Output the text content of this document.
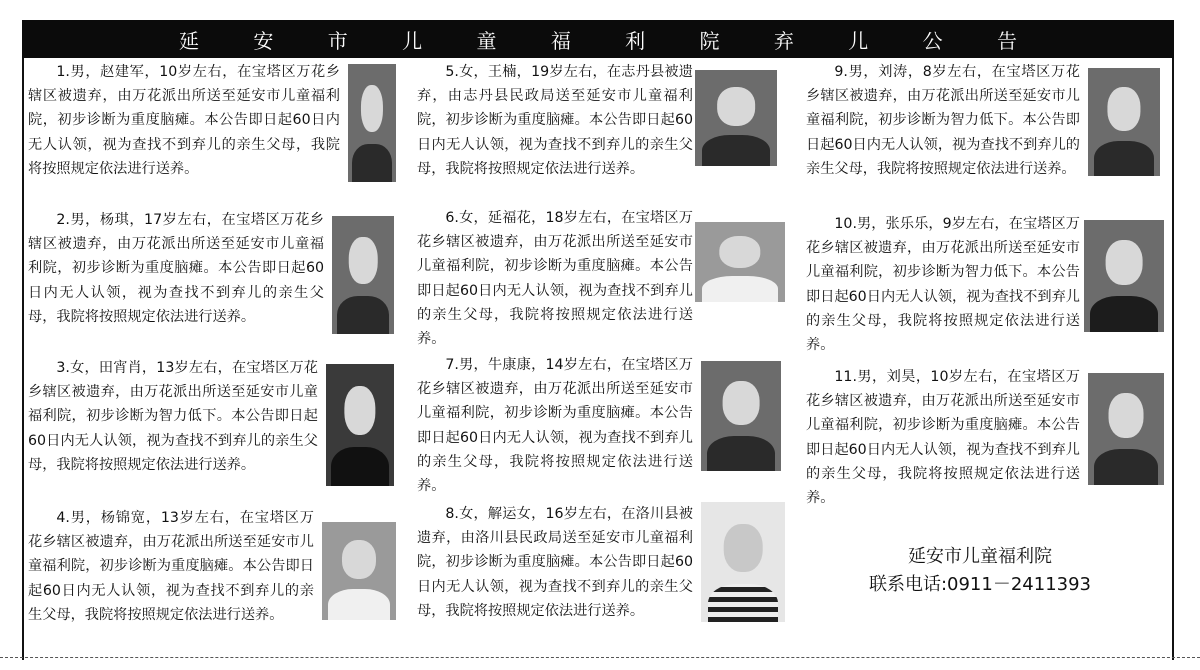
延 安 市 儿 童 福 利 院 弃 儿 公 告

1.男，赵建军，10岁左右，在宝塔区万花乡辖区被遗弃，由万花派出所送至延安市儿童福利院，初步诊断为重度脑瘫。本公告即日起60日内无人认领，视为查找不到弃儿的亲生父母，我院将按照规定依法进行送养。

2.男，杨琪，17岁左右，在宝塔区万花乡辖区被遗弃，由万花派出所送至延安市儿童福利院，初步诊断为重度脑瘫。本公告即日起60日内无人认领，视为查找不到弃儿的亲生父母，我院将按照规定依法进行送养。

3.女，田宵肖，13岁左右，在宝塔区万花乡辖区被遗弃，由万花派出所送至延安市儿童福利院，初步诊断为智力低下。本公告即日起60日内无人认领，视为查找不到弃儿的亲生父母，我院将按照规定依法进行送养。

4.男，杨锦宽，13岁左右，在宝塔区万花乡辖区被遗弃，由万花派出所送至延安市儿童福利院，初步诊断为重度脑瘫。本公告即日起60日内无人认领，视为查找不到弃儿的亲生父母，我院将按照规定依法进行送养。

5.女，王楠，19岁左右，在志丹县被遗弃，由志丹县民政局送至延安市儿童福利院，初步诊断为重度脑瘫。本公告即日起60日内无人认领，视为查找不到弃儿的亲生父母，我院将按照规定依法进行送养。

6.女，延福花，18岁左右，在宝塔区万花乡辖区被遗弃，由万花派出所送至延安市儿童福利院，初步诊断为重度脑瘫。本公告即日起60日内无人认领，视为查找不到弃儿的亲生父母，我院将按照规定依法进行送养。

7.男，牛康康，14岁左右，在宝塔区万花乡辖区被遗弃，由万花派出所送至延安市儿童福利院，初步诊断为重度脑瘫。本公告即日起60日内无人认领，视为查找不到弃儿的亲生父母，我院将按照规定依法进行送养。

8.女，解运女，16岁左右，在洛川县被遗弃，由洛川县民政局送至延安市儿童福利院，初步诊断为重度脑瘫。本公告即日起60日内无人认领，视为查找不到弃儿的亲生父母，我院将按照规定依法进行送养。

9.男，刘涛，8岁左右，在宝塔区万花乡辖区被遗弃，由万花派出所送至延安市儿童福利院，初步诊断为智力低下。本公告即日起60日内无人认领，视为查找不到弃儿的亲生父母，我院将按照规定依法进行送养。

10.男，张乐乐，9岁左右，在宝塔区万花乡辖区被遗弃，由万花派出所送至延安市儿童福利院，初步诊断为智力低下。本公告即日起60日内无人认领，视为查找不到弃儿的亲生父母，我院将按照规定依法进行送养。

11.男，刘昊，10岁左右，在宝塔区万花乡辖区被遗弃，由万花派出所送至延安市儿童福利院，初步诊断为重度脑瘫。本公告即日起60日内无人认领，视为查找不到弃儿的亲生父母，我院将按照规定依法进行送养。

延安市儿童福利院
联系电话:0911－2411393
